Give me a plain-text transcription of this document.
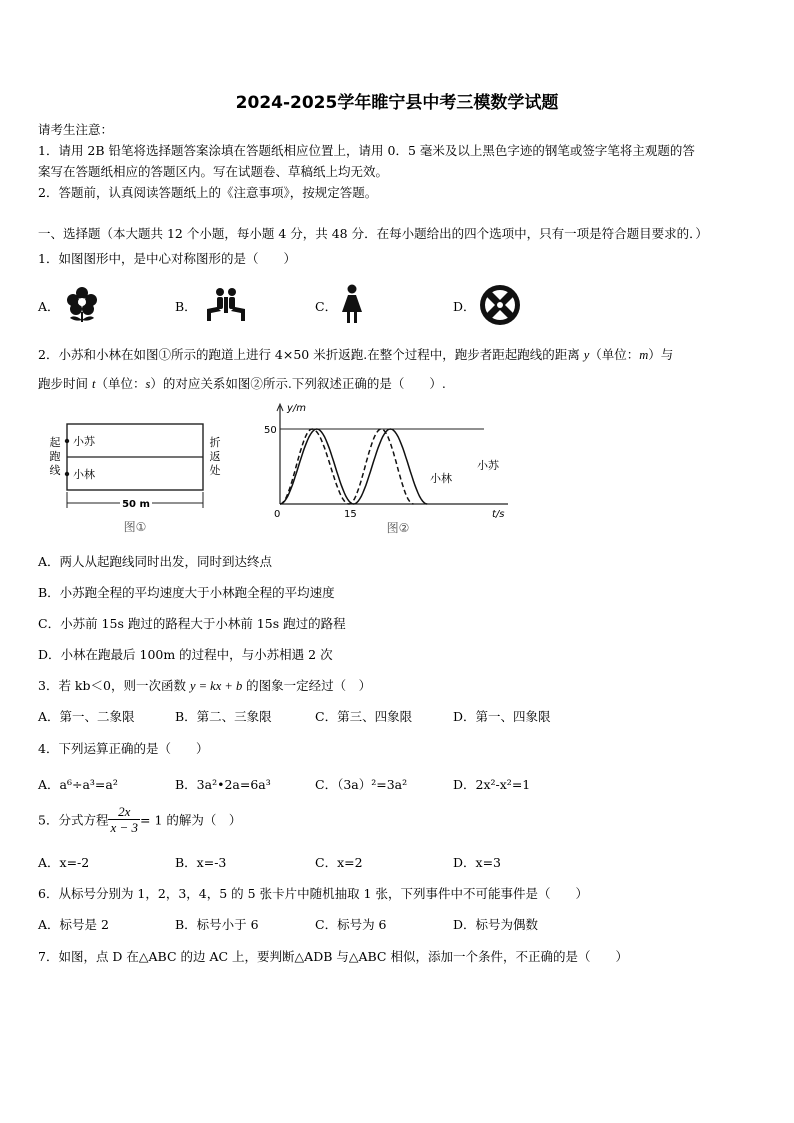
2024-2025学年睢宁县中考三模数学试题
请考生注意：
1．请用 2B 铅笔将选择题答案涂填在答题纸相应位置上，请用 0．5 毫米及以上黑色字迹的钢笔或签字笔将主观题的答
案写在答题纸相应的答题区内。写在试题卷、草稿纸上均无效。
2．答题前，认真阅读答题纸上的《注意事项》，按规定答题。
一、选择题（本大题共 12 个小题，每小题 4 分，共 48 分．在每小题给出的四个选项中，只有一项是符合题目要求的．）
1．如图图形中，是中心对称图形的是（　　）
A．	B．	C．	D．
2．小苏和小林在如图①所示的跑道上进行 4×50 米折返跑.在整个过程中，跑步者距起跑线的距离 y（单位：m）与
跑步时间 t（单位：s）的对应关系如图②所示.下列叙述正确的是（　　）.
起
跑
线
折
返
处
小苏
小林
50 m
图①
y/m
50
0	15	t/s
小林
小苏
图②
A．两人从起跑线同时出发，同时到达终点
B．小苏跑全程的平均速度大于小林跑全程的平均速度
C．小苏前 15s 跑过的路程大于小林前 15s 跑过的路程
D．小林在跑最后 100m 的过程中，与小苏相遇 2 次
3．若 kb＜0，则一次函数 y = kx + b 的图象一定经过（　）
A．第一、二象限	B．第二、三象限	C．第三、四象限	D．第一、四象限
4．下列运算正确的是（　　）
A．a⁶÷a³=a²	B．3a²•2a=6a³	C．（3a）²=3a²	D．2x²-x²=1
5．分式方程 $\frac{2x}{x - 3} = 1$ 的解为（　）
A．x=-2	B．x=-3	C．x=2	D．x=3
6．从标号分别为 1，2，3，4，5 的 5 张卡片中随机抽取 1 张，下列事件中不可能事件是（　　）
A．标号是 2	B．标号小于 6	C．标号为 6	D．标号为偶数
7．如图，点 D 在△ABC 的边 AC 上，要判断△ADB 与△ABC 相似，添加一个条件，不正确的是（　　）
